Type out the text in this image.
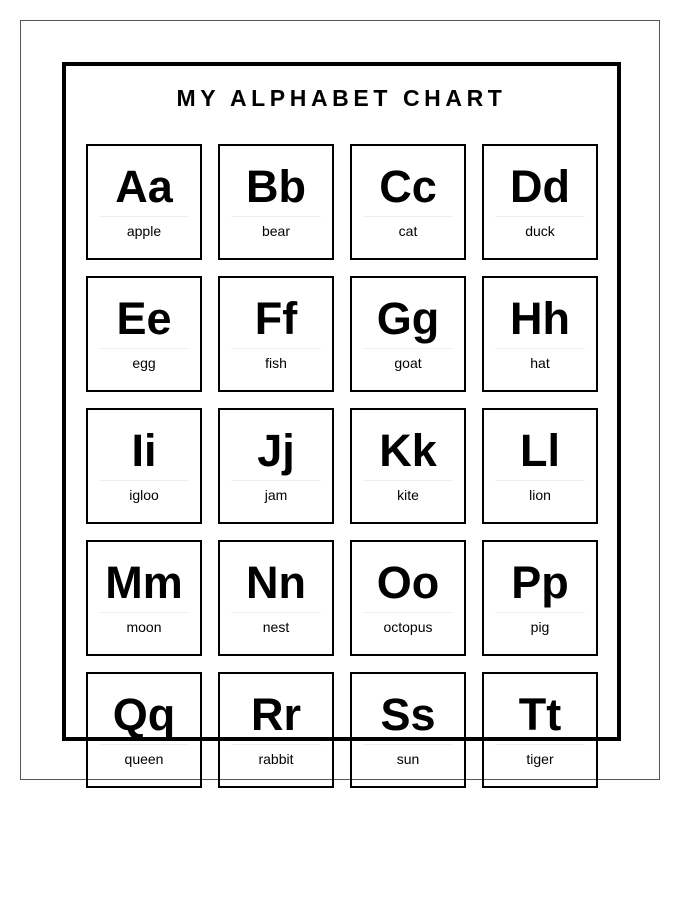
MY ALPHABET CHART
Aa
apple
Bb
bear
Cc
cat
Dd
duck
Ee
egg
Ff
fish
Gg
goat
Hh
hat
Ii
igloo
Jj
jam
Kk
kite
Ll
lion
Mm
moon
Nn
nest
Oo
octopus
Pp
pig
Qq
queen
Rr
rabbit
Ss
sun
Tt
tiger
